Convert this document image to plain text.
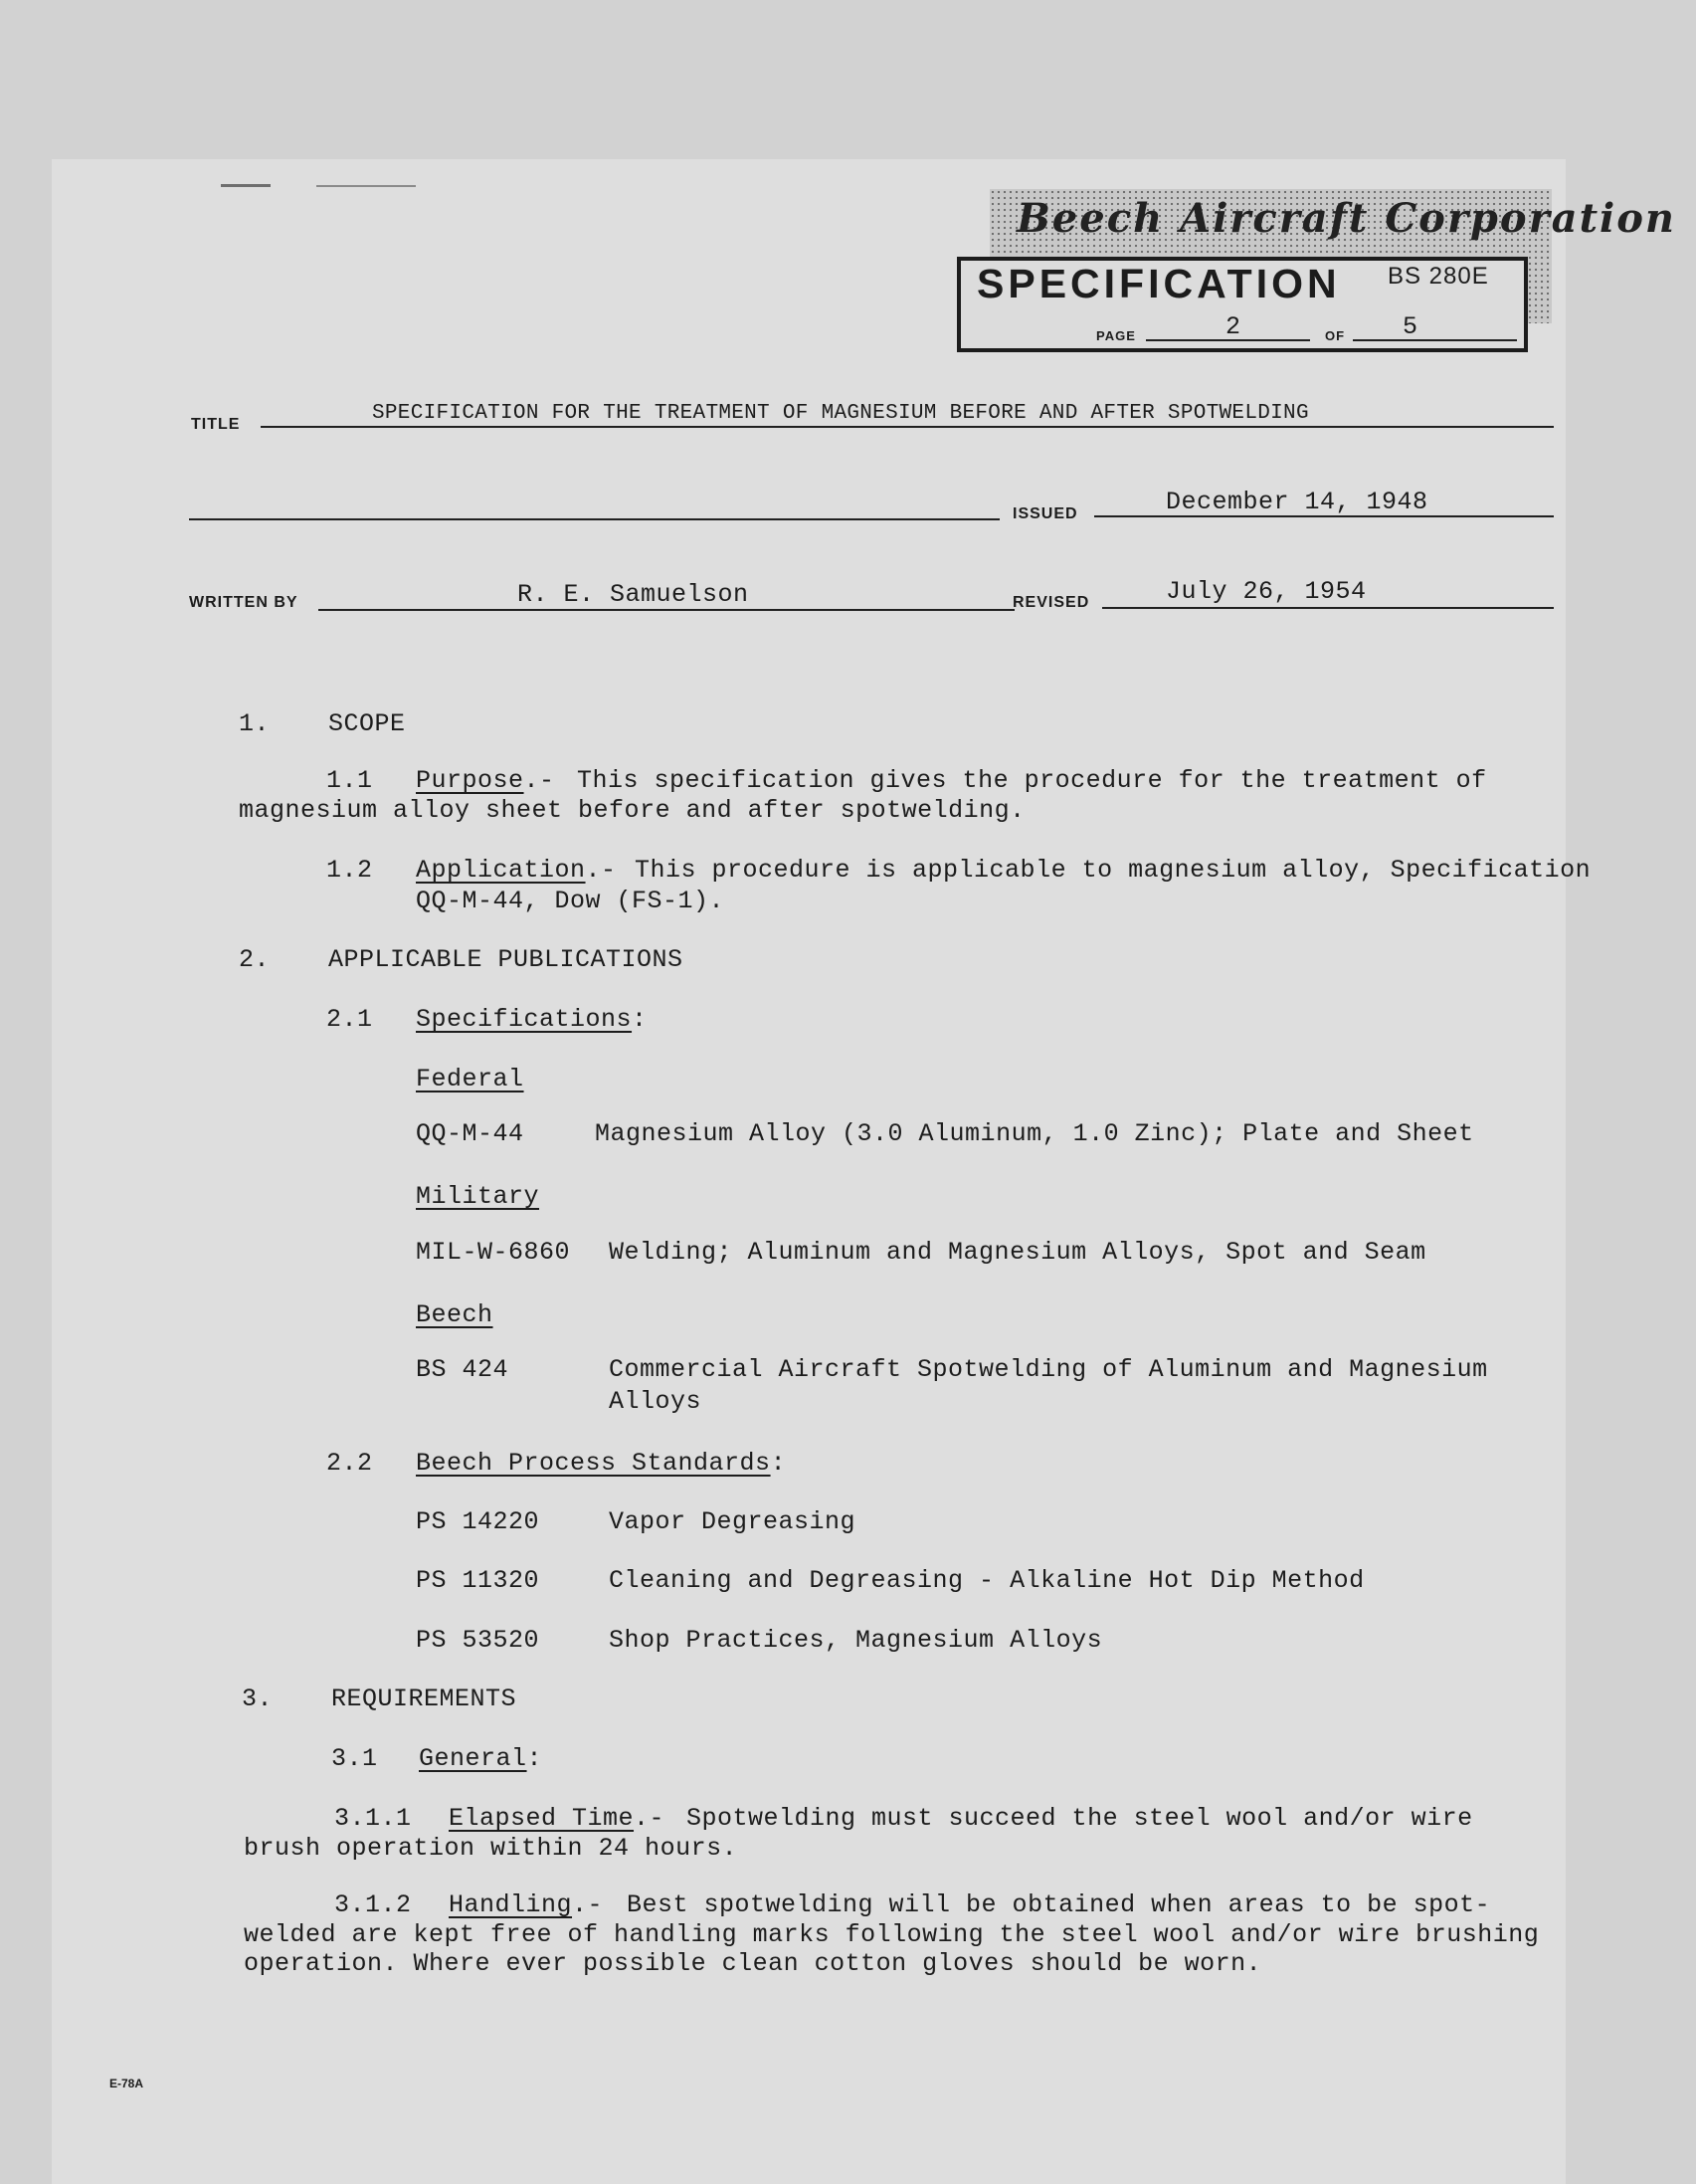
Beech Aircraft Corporation
SPECIFICATION BS 280E
PAGE	2	OF 5
TITLE	SPECIFICATION FOR THE TREATMENT OF MAGNESIUM BEFORE AND AFTER SPOTWELDING
ISSUED	December 14, 1948
WRITTEN BY	R. E. Samuelson	REVISED	July 26, 1954
1. SCOPE
1.1 Purpose.- This specification gives the procedure for the treatment of
magnesium alloy sheet before and after spotwelding.
1.2 Application.- This procedure is applicable to magnesium alloy, Specification
QQ-M-44, Dow (FS-1).
2. APPLICABLE PUBLICATIONS
2.1 Specifications:
Federal
QQ-M-44	Magnesium Alloy (3.0 Aluminum, 1.0 Zinc); Plate and Sheet
Military
MIL-W-6860 Welding; Aluminum and Magnesium Alloys, Spot and Seam
Beech
BS 424	Commercial Aircraft Spotwelding of Aluminum and Magnesium
Alloys
2.2 Beech Process Standards:
PS 14220	Vapor Degreasing
PS 11320	Cleaning and Degreasing - Alkaline Hot Dip Method
PS 53520	Shop Practices, Magnesium Alloys
3. REQUIREMENTS
3.1 General:
3.1.1 Elapsed Time.- Spotwelding must succeed the steel wool and/or wire
brush operation within 24 hours.
3.1.2 Handling.- Best spotwelding will be obtained when areas to be spot-
welded are kept free of handling marks following the steel wool and/or wire brushing
operation. Where ever possible clean cotton gloves should be worn.
E-78A
